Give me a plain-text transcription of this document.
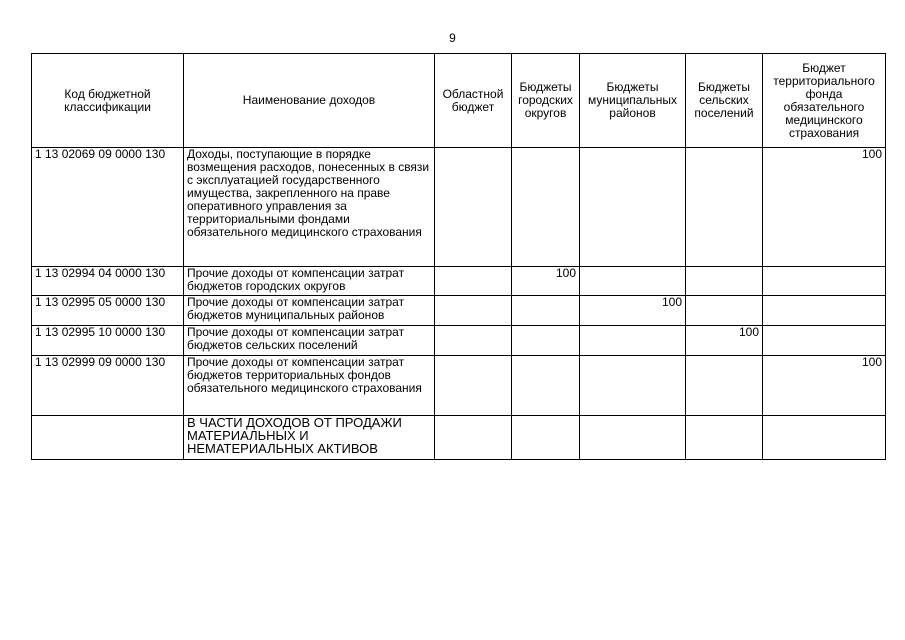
9
Код бюджетной классификации	Наименование доходов	Областной бюджет	Бюджеты городских округов	Бюджеты муниципальных районов	Бюджеты сельских поселений	Бюджет территориального фонда обязательного медицинского страхования
1 13 02069 09 0000 130	Доходы, поступающие в порядке возмещения расходов, понесенных в связи с эксплуатацией государственного имущества, закрепленного на праве оперативного управления за территориальными фондами обязательного медицинского страхования					100
1 13 02994 04 0000 130	Прочие доходы от компенсации затрат бюджетов городских округов		100			
1 13 02995 05 0000 130	Прочие доходы от компенсации затрат бюджетов муниципальных районов			100		
1 13 02995 10 0000 130	Прочие доходы от компенсации затрат бюджетов сельских поселений				100	
1 13 02999 09 0000 130	Прочие доходы от компенсации затрат бюджетов территориальных фондов обязательного медицинского страхования					100
	В ЧАСТИ ДОХОДОВ ОТ ПРОДАЖИ МАТЕРИАЛЬНЫХ И НЕМАТЕРИАЛЬНЫХ АКТИВОВ					
